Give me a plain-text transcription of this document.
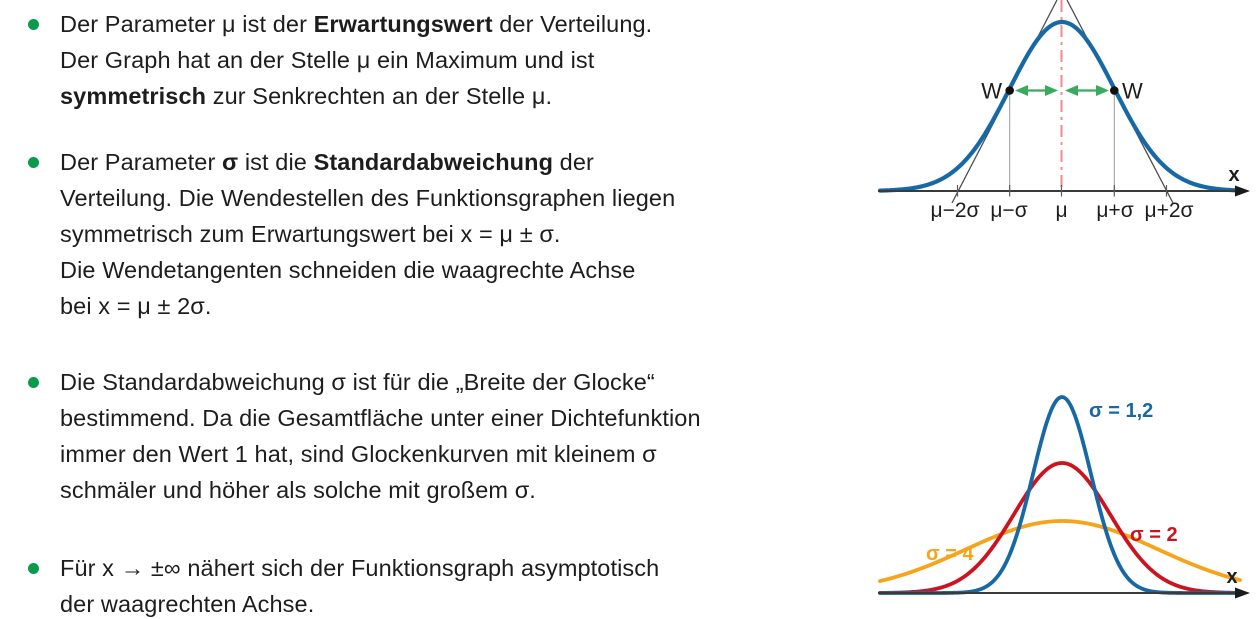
Der Parameter μ ist der Erwartungswert der Verteilung.
Der Graph hat an der Stelle μ ein Maximum und ist
symmetrisch zur Senkrechten an der Stelle μ.
Der Parameter σ ist die Standardabweichung der
Verteilung. Die Wendestellen des Funktionsgraphen liegen
symmetrisch zum Erwartungswert bei x = μ ± σ.
Die Wendetangenten schneiden die waagrechte Achse
bei x = μ ± 2σ.
Die Standardabweichung σ ist für die „Breite der Glocke“
bestimmend. Da die Gesamtfläche unter einer Dichtefunktion
immer den Wert 1 hat, sind Glockenkurven mit kleinem σ
schmäler und höher als solche mit großem σ.
Für x → ±∞ nähert sich der Funktionsgraph asymptotisch
der waagrechten Achse.
W	W
x
μ−2σ μ−σ μ μ+σ μ+2σ
σ = 1,2
σ = 2
σ = 4
x
